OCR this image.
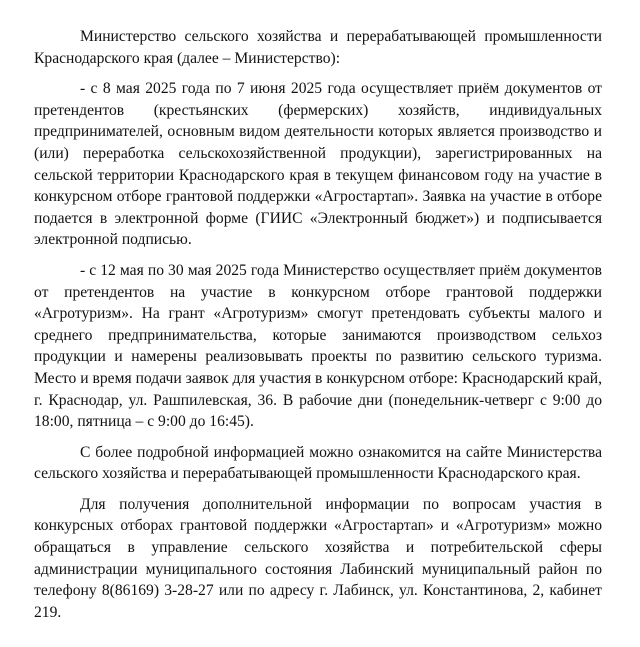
Министерство сельского хозяйства и перерабатывающей промышленности Краснодарского края (далее – Министерство):

- с 8 мая 2025 года по 7 июня 2025 года осуществляет приём документов от претендентов (крестьянских (фермерских) хозяйств, индивидуальных предпринимателей, основным видом деятельности которых является производство и (или) переработка сельскохозяйственной продукции), зарегистрированных на сельской территории Краснодарского края в текущем финансовом году на участие в конкурсном отборе грантовой поддержки «Агростартап». Заявка на участие в отборе подается в электронной форме (ГИИС «Электронный бюджет») и подписывается электронной подписью.

- с 12 мая по 30 мая 2025 года Министерство осуществляет приём документов от претендентов на участие в конкурсном отборе грантовой поддержки «Агротуризм». На грант «Агротуризм» смогут претендовать субъекты малого и среднего предпринимательства, которые занимаются производством сельхоз продукции и намерены реализовывать проекты по развитию сельского туризма. Место и время подачи заявок для участия в конкурсном отборе: Краснодарский край, г. Краснодар, ул. Рашпилевская, 36. В рабочие дни (понедельник-четверг с 9:00 до 18:00, пятница – с 9:00 до 16:45).

С более подробной информацией можно ознакомится на сайте Министерства сельского хозяйства и перерабатывающей промышленности Краснодарского края.

Для получения дополнительной информации по вопросам участия в конкурсных отборах грантовой поддержки «Агростартап» и «Агротуризм» можно обращаться в управление сельского хозяйства и потребительской сферы администрации муниципального состояния Лабинский муниципальный район по телефону 8(86169) 3-28-27 или по адресу г. Лабинск, ул. Константинова, 2, кабинет 219.
